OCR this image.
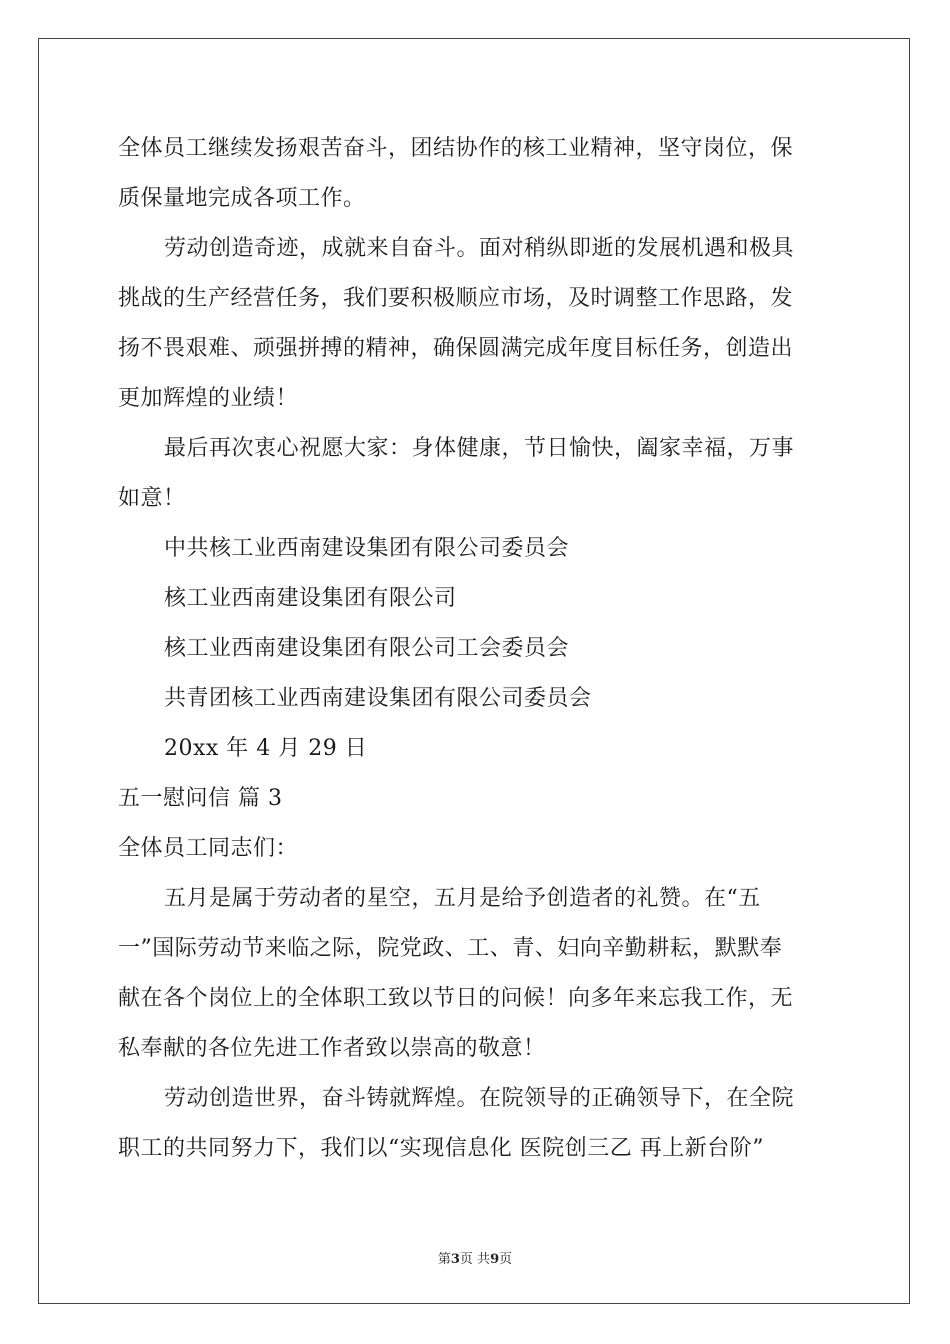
全体员工继续发扬艰苦奋斗，团结协作的核工业精神，坚守岗位，保
质保量地完成各项工作。
劳动创造奇迹，成就来自奋斗。面对稍纵即逝的发展机遇和极具
挑战的生产经营任务，我们要积极顺应市场，及时调整工作思路，发
扬不畏艰难、顽强拼搏的精神，确保圆满完成年度目标任务，创造出
更加辉煌的业绩！
最后再次衷心祝愿大家：身体健康，节日愉快，阖家幸福，万事
如意！
中共核工业西南建设集团有限公司委员会
核工业西南建设集团有限公司
核工业西南建设集团有限公司工会委员会
共青团核工业西南建设集团有限公司委员会
20xx 年 4 月 29 日
五一慰问信 篇 3
全体员工同志们：
五月是属于劳动者的星空，五月是给予创造者的礼赞。在“五
一”国际劳动节来临之际，院党政、工、青、妇向辛勤耕耘，默默奉
献在各个岗位上的全体职工致以节日的问候！向多年来忘我工作，无
私奉献的各位先进工作者致以崇高的敬意！
劳动创造世界，奋斗铸就辉煌。在院领导的正确领导下，在全院
职工的共同努力下，我们以“实现信息化 医院创三乙 再上新台阶”
第3页 共9页
